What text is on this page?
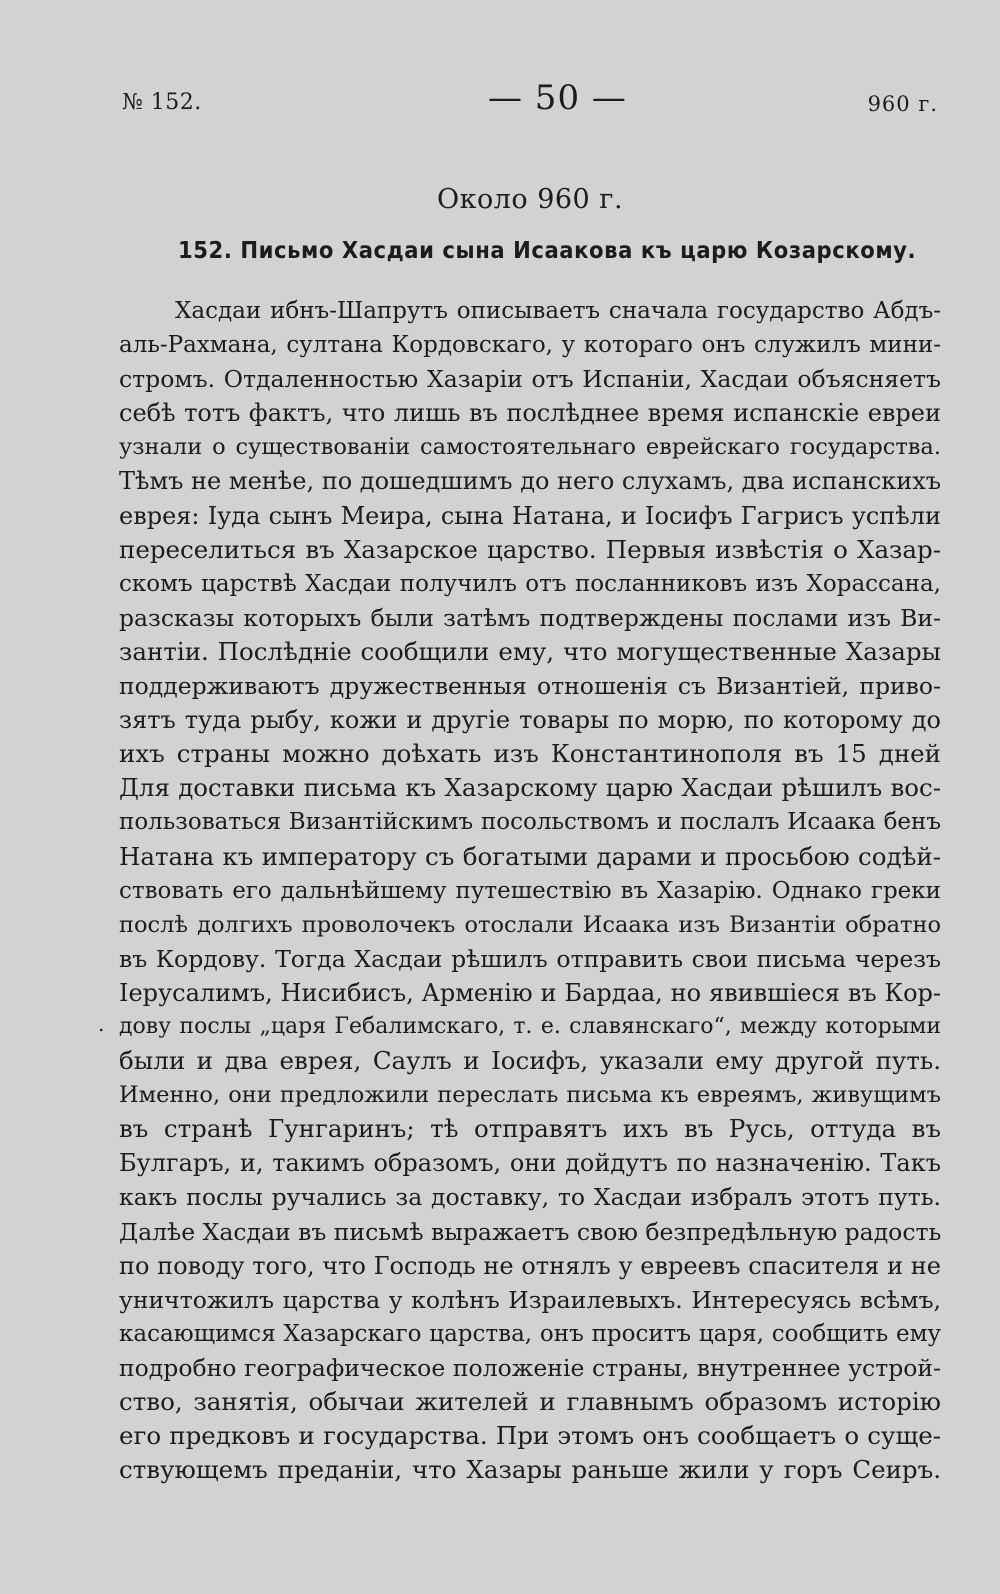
№ 152.	— 50 —	960 г.
Около 960 г.
152. Письмо Хасдаи сына Исаакова къ царю Козарскому.
.
Хасдаи ибнъ-Шапрутъ описываетъ сначала государство Абдъ-
аль-Рахмана, султана Кордовскаго, у котораго онъ служилъ мини-
стромъ. Отдаленностью Хазаріи отъ Испаніи, Хасдаи объясняетъ
себѣ тотъ фактъ, что лишь въ послѣднее время испанскіе евреи
узнали о существованіи самостоятельнаго еврейскаго государства.
Тѣмъ не менѣе, по дошедшимъ до него слухамъ, два испанскихъ
еврея: Іуда сынъ Меира, сына Натана, и Іосифъ Гагрисъ успѣли
переселиться въ Хазарское царство. Первыя извѣстія о Хазар-
скомъ царствѣ Хасдаи получилъ отъ посланниковъ изъ Хорассана,
разсказы которыхъ были затѣмъ подтверждены послами изъ Ви-
зантіи. Послѣдніе сообщили ему, что могущественные Хазары
поддерживаютъ дружественныя отношенія съ Византіей, приво-
зятъ туда рыбу, кожи и другіе товары по морю, по которому до
ихъ страны можно доѣхать изъ Константинополя въ 15 дней
Для доставки письма къ Хазарскому царю Хасдаи рѣшилъ вос-
пользоваться Византійскимъ посольствомъ и послалъ Исаака бенъ
Натана къ императору съ богатыми дарами и просьбою содѣй-
ствовать его дальнѣйшему путешествію въ Хазарію. Однако греки
послѣ долгихъ проволочекъ отослали Исаака изъ Византіи обратно
въ Кордову. Тогда Хасдаи рѣшилъ отправить свои письма черезъ
Іерусалимъ, Нисибисъ, Арменію и Бардаа, но явившіеся въ Кор-
дову послы „царя Гебалимскаго, т. е. славянскаго“, между которыми
были и два еврея, Саулъ и Іосифъ, указали ему другой путь.
Именно, они предложили переслать письма къ евреямъ, живущимъ
въ странѣ Гунгаринъ; тѣ отправятъ ихъ въ Русь, оттуда въ
Булгаръ, и, такимъ образомъ, они дойдутъ по назначенію. Такъ
какъ послы ручались за доставку, то Хасдаи избралъ этотъ путь.
Далѣе Хасдаи въ письмѣ выражаетъ свою безпредѣльную радость
по поводу того, что Господь не отнялъ у евреевъ спасителя и не
уничтожилъ царства у колѣнъ Израилевыхъ. Интересуясь всѣмъ,
касающимся Хазарскаго царства, онъ проситъ царя, сообщить ему
подробно географическое положеніе страны, внутреннее устрой-
ство, занятія, обычаи жителей и главнымъ образомъ исторію
его предковъ и государства. При этомъ онъ сообщаетъ о суще-
ствующемъ преданіи, что Хазары раньше жили у горъ Сеиръ.
